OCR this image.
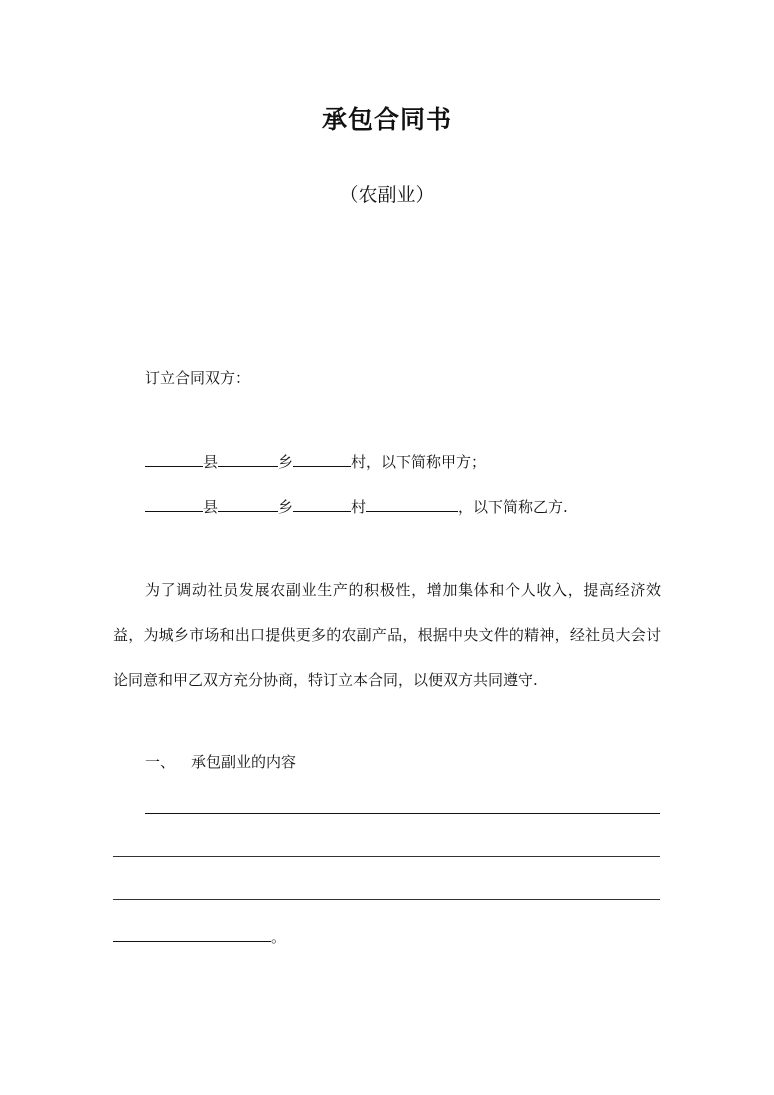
承包合同书
（农副业）
订立合同双方：
县	乡	村，以下简称甲方；
县	乡	村	，以下简称乙方.
为了调动社员发展农副业生产的积极性，增加集体和个人收入，提高经济效益，为城乡市场和出口提供更多的农副产品，根据中央文件的精神，经社员大会讨论同意和甲乙双方充分协商，特订立本合同，以便双方共同遵守.
一、 承包副业的内容
。
